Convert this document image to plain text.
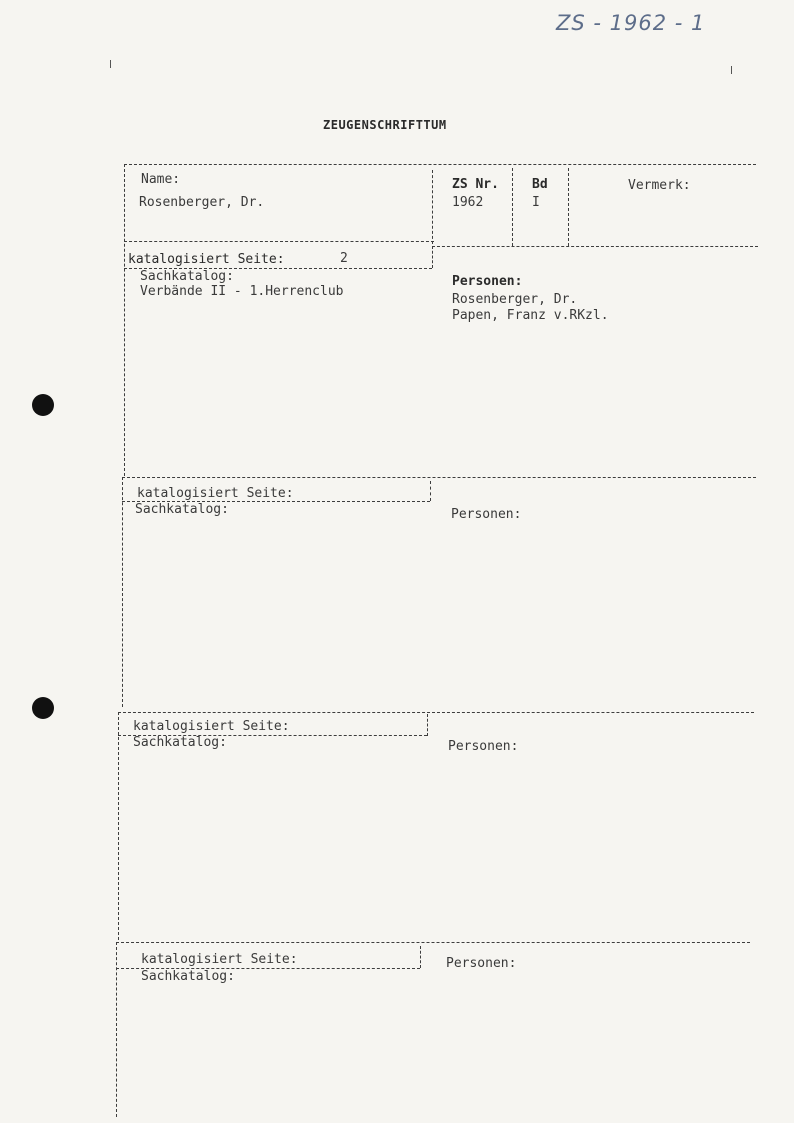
ZS - 1962 - 1
ZEUGENSCHRIFTTUM
Name:
Rosenberger, Dr.
ZS Nr.
1962
Bd
I
Vermerk:
katalogisiert Seite:	2
Sachkatalog:
Verbände II - 1.Herrenclub
Personen:
Rosenberger, Dr.
Papen, Franz v.RKzl.
katalogisiert Seite:
Sachkatalog:	Personen:
katalogisiert Seite:
Sachkatalog:	Personen:
katalogisiert Seite:
Sachkatalog:
Personen:
